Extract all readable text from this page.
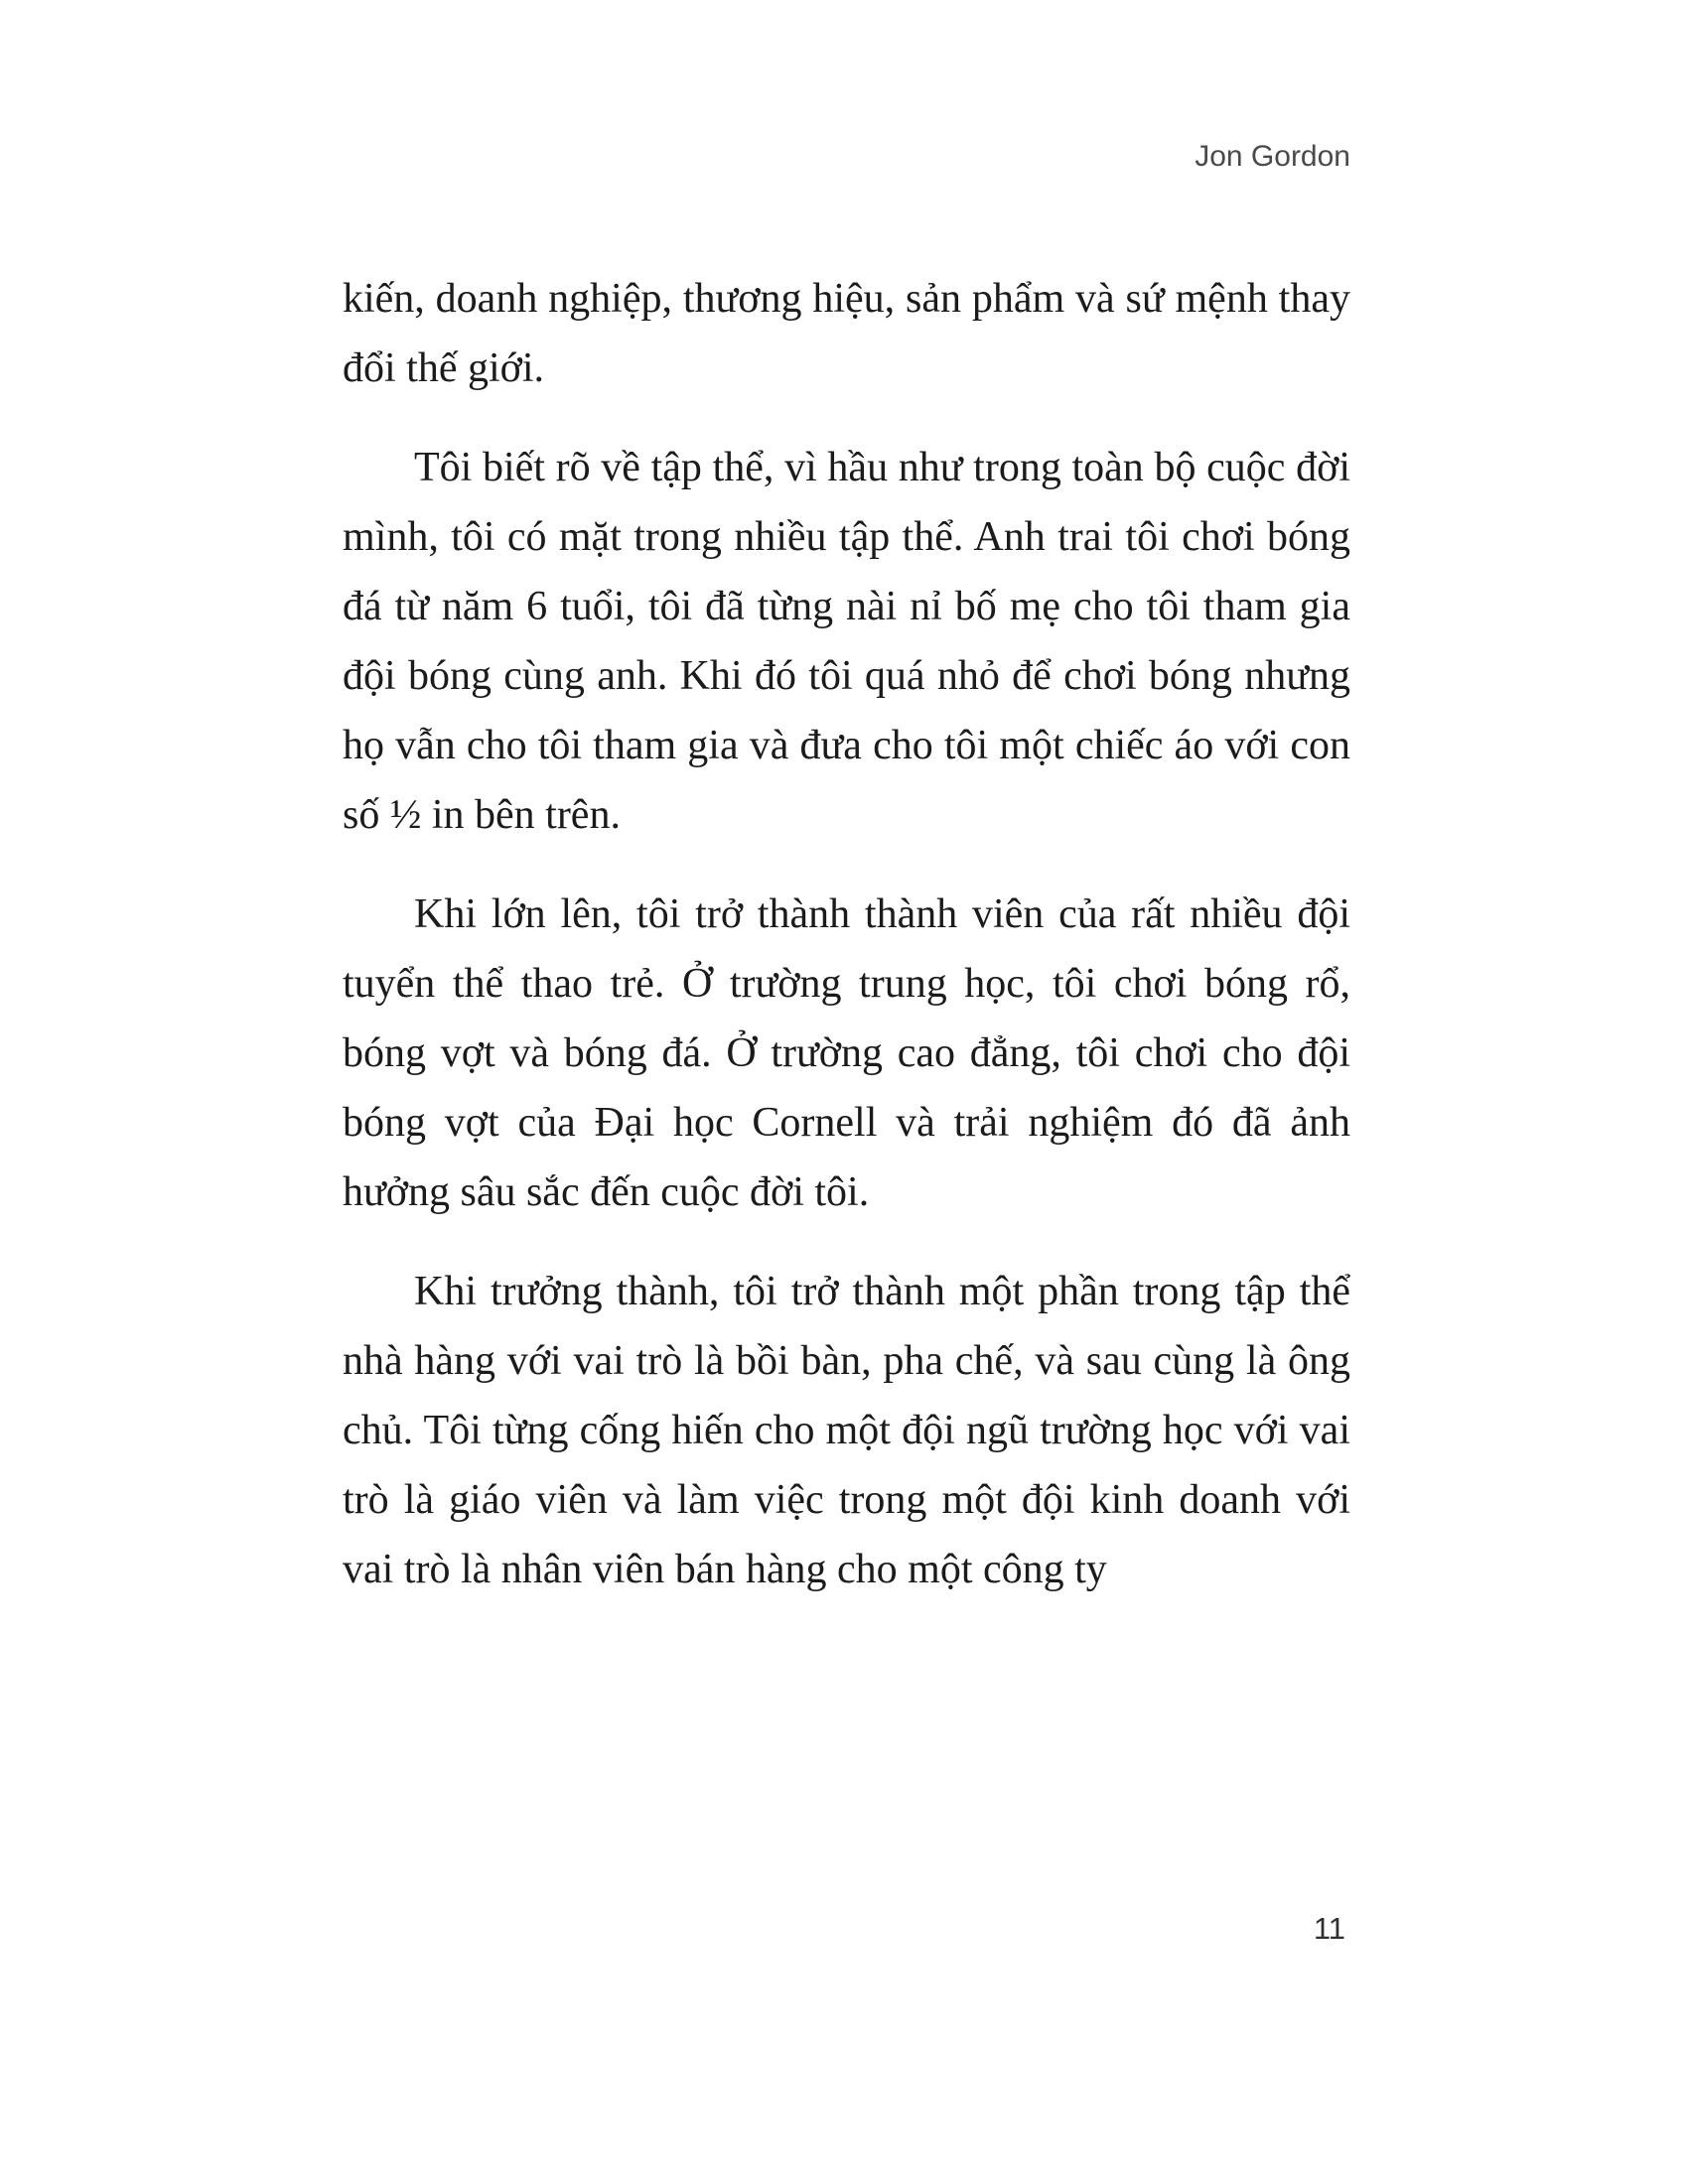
Jon Gordon

kiến, doanh nghiệp, thương hiệu, sản phẩm và sứ mệnh thay đổi thế giới.

Tôi biết rõ về tập thể, vì hầu như trong toàn bộ cuộc đời mình, tôi có mặt trong nhiều tập thể. Anh trai tôi chơi bóng đá từ năm 6 tuổi, tôi đã từng nài nỉ bố mẹ cho tôi tham gia đội bóng cùng anh. Khi đó tôi quá nhỏ để chơi bóng nhưng họ vẫn cho tôi tham gia và đưa cho tôi một chiếc áo với con số ½ in bên trên.

Khi lớn lên, tôi trở thành thành viên của rất nhiều đội tuyển thể thao trẻ. Ở trường trung học, tôi chơi bóng rổ, bóng vợt và bóng đá. Ở trường cao đẳng, tôi chơi cho đội bóng vợt của Đại học Cornell và trải nghiệm đó đã ảnh hưởng sâu sắc đến cuộc đời tôi.

Khi trưởng thành, tôi trở thành một phần trong tập thể nhà hàng với vai trò là bồi bàn, pha chế, và sau cùng là ông chủ. Tôi từng cống hiến cho một đội ngũ trường học với vai trò là giáo viên và làm việc trong một đội kinh doanh với vai trò là nhân viên bán hàng cho một công ty

11
